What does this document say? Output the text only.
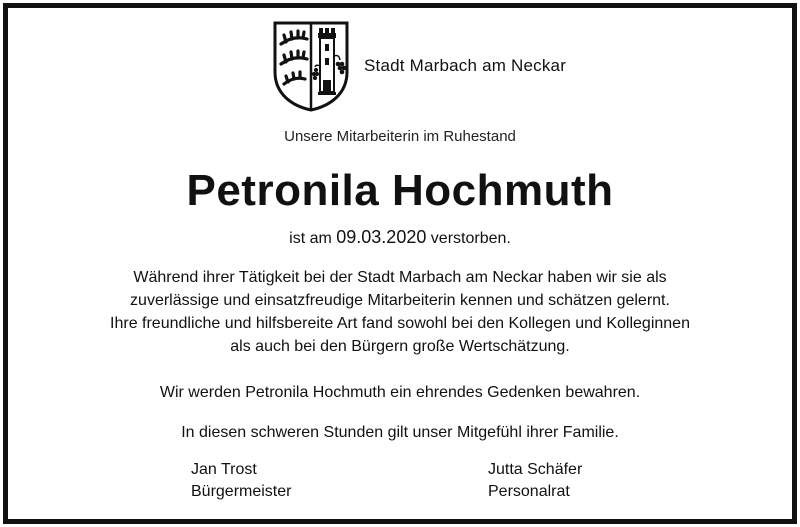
Stadt Marbach am Neckar
Unsere Mitarbeiterin im Ruhestand
Petronila Hochmuth
ist am 09.03.2020 verstorben.
Während ihrer Tätigkeit bei der Stadt Marbach am Neckar haben wir sie als
zuverlässige und einsatzfreudige Mitarbeiterin kennen und schätzen gelernt.
Ihre freundliche und hilfsbereite Art fand sowohl bei den Kollegen und Kolleginnen
als auch bei den Bürgern große Wertschätzung.
Wir werden Petronila Hochmuth ein ehrendes Gedenken bewahren.
In diesen schweren Stunden gilt unser Mitgefühl ihrer Familie.
Jan Trost
Bürgermeister
Jutta Schäfer
Personalrat
